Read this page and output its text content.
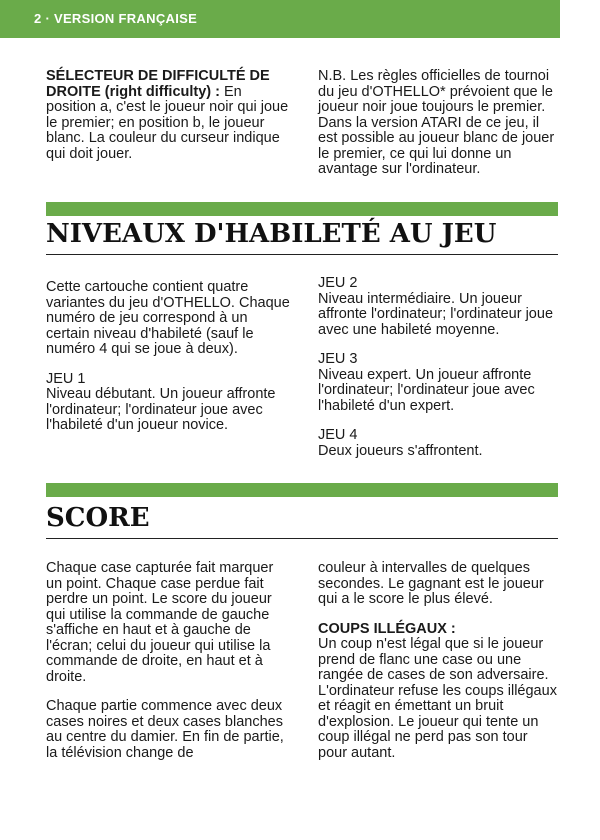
2 · VERSION FRANÇAISE

SÉLECTEUR DE DIFFICULTÉ DE DROITE (right difficulty) : En position a, c'est le joueur noir qui joue le premier; en position b, le joueur blanc. La couleur du curseur indique qui doit jouer.

N.B. Les règles officielles de tournoi du jeu d'OTHELLO* prévoient que le joueur noir joue toujours le premier. Dans la version ATARI de ce jeu, il est possible au joueur blanc de jouer le premier, ce qui lui donne un avantage sur l'ordinateur.

NIVEAUX D'HABILETÉ AU JEU

Cette cartouche contient quatre variantes du jeu d'OTHELLO. Chaque numéro de jeu correspond à un certain niveau d'habileté (sauf le numéro 4 qui se joue à deux).

JEU 1

Niveau débutant. Un joueur affronte l'ordinateur; l'ordinateur joue avec l'habileté d'un joueur novice.

JEU 2

Niveau intermédiaire. Un joueur affronte l'ordinateur; l'ordinateur joue avec une habileté moyenne.

JEU 3

Niveau expert. Un joueur affronte l'ordinateur; l'ordinateur joue avec l'habileté d'un expert.

JEU 4

Deux joueurs s'affrontent.

SCORE

Chaque case capturée fait marquer un point. Chaque case perdue fait perdre un point. Le score du joueur qui utilise la commande de gauche s'affiche en haut et à gauche de l'écran; celui du joueur qui utilise la commande de droite, en haut et à droite.

Chaque partie commence avec deux cases noires et deux cases blanches au centre du damier. En fin de partie, la télévision change de

couleur à intervalles de quelques secondes. Le gagnant est le joueur qui a le score le plus élevé.

COUPS ILLÉGAUX :

Un coup n'est légal que si le joueur prend de flanc une case ou une rangée de cases de son adversaire. L'ordinateur refuse les coups illégaux et réagit en émettant un bruit d'explosion. Le joueur qui tente un coup illégal ne perd pas son tour pour autant.
